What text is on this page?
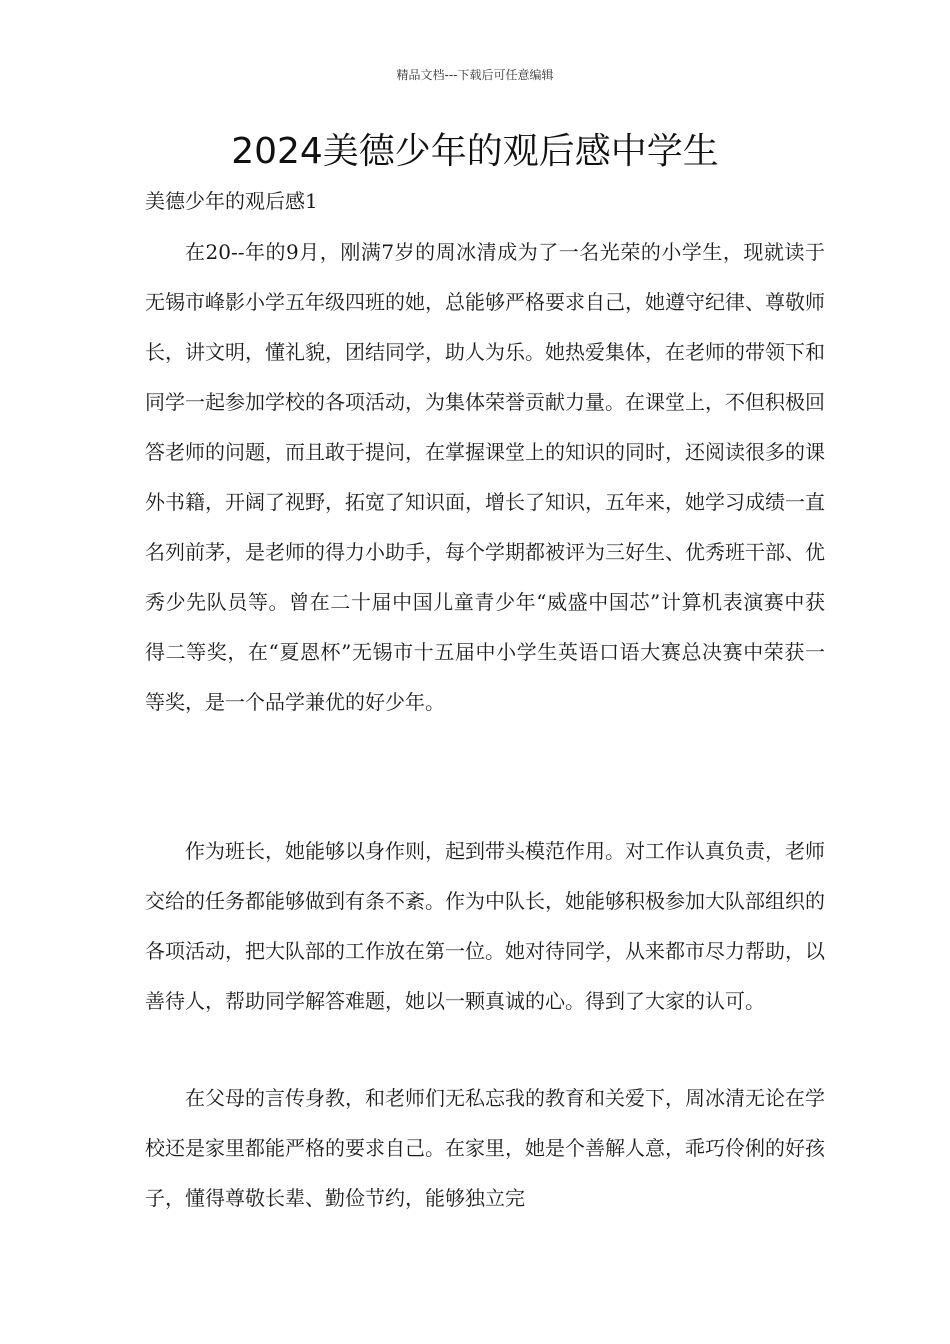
精品文档---下载后可任意编辑
2024美德少年的观后感中学生
美德少年的观后感1

在20--年的9月，刚满7岁的周冰清成为了一名光荣的小学生，现就读于无锡市峰影小学五年级四班的她，总能够严格要求自己，她遵守纪律、尊敬师长，讲文明，懂礼貌，团结同学，助人为乐。她热爱集体，在老师的带领下和同学一起参加学校的各项活动，为集体荣誉贡献力量。在课堂上，不但积极回答老师的问题，而且敢于提问，在掌握课堂上的知识的同时，还阅读很多的课外书籍，开阔了视野，拓宽了知识面，增长了知识，五年来，她学习成绩一直名列前茅，是老师的得力小助手，每个学期都被评为三好生、优秀班干部、优秀少先队员等。曾在二十届中国儿童青少年“威盛中国芯”计算机表演赛中获得二等奖，在“夏恩杯”无锡市十五届中小学生英语口语大赛总决赛中荣获一等奖，是一个品学兼优的好少年。

作为班长，她能够以身作则，起到带头模范作用。对工作认真负责，老师交给的任务都能够做到有条不紊。作为中队长，她能够积极参加大队部组织的各项活动，把大队部的工作放在第一位。她对待同学，从来都市尽力帮助，以善待人，帮助同学解答难题，她以一颗真诚的心。得到了大家的认可。

在父母的言传身教，和老师们无私忘我的教育和关爱下，周冰清无论在学校还是家里都能严格的要求自己。在家里，她是个善解人意，乖巧伶俐的好孩子，懂得尊敬长辈、勤俭节约，能够独立完
